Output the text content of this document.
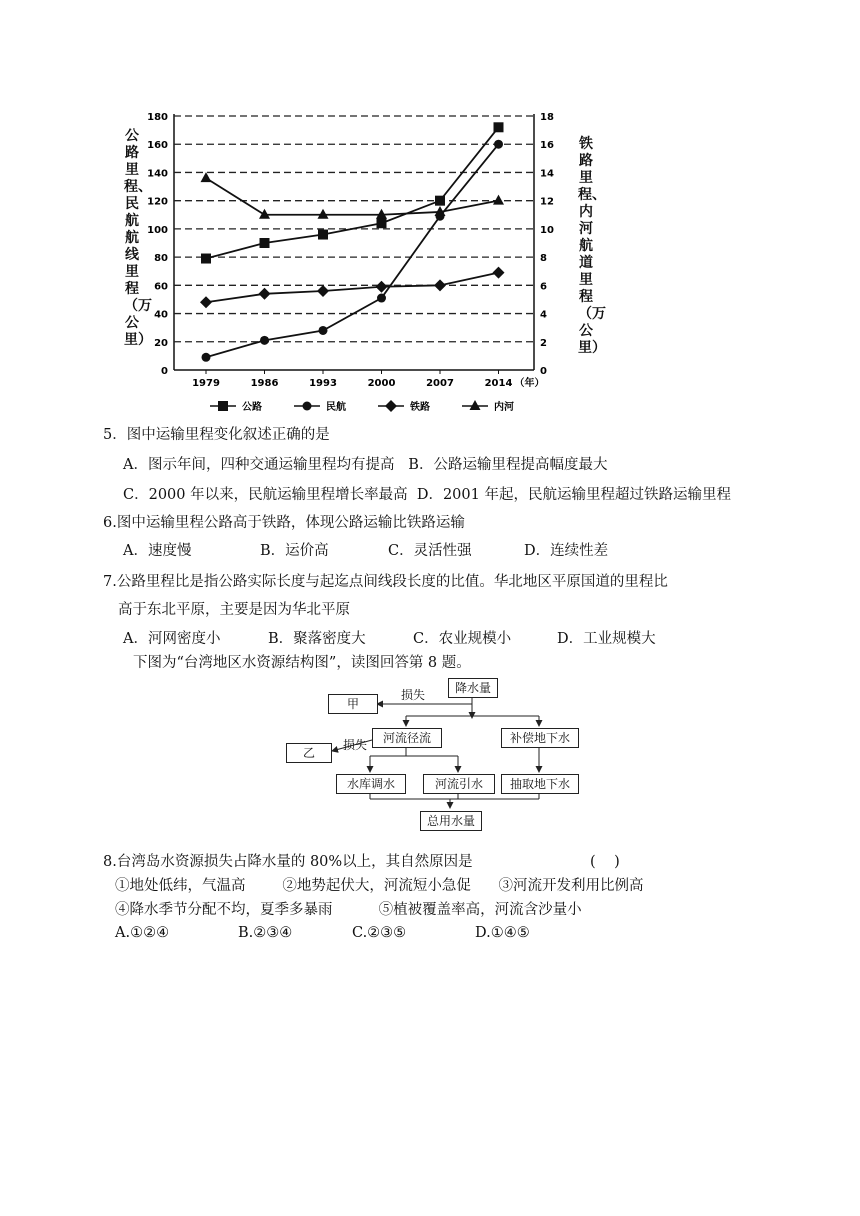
0
20
40
60
80
100
120
140
160
180
0
2
4
6
8
10
12
14
16
18
1979	1986	1993	2000	2007	2014 （年）
公路	民航	铁路	内河
公路里程、民航航线里程（万公里）
铁路里程、内河航道里程（万公里）
5．图中运输里程变化叙述正确的是
A．图示年间，四种交通运输里程均有提高   B．公路运输里程提高幅度最大
C．2000 年以来，民航运输里程增长率最高  D．2001 年起，民航运输里程超过铁路运输里程
6.图中运输里程公路高于铁路，体现公路运输比铁路运输
A．速度慢	B．运价高	C．灵活性强	D．连续性差
7.公路里程比是指公路实际长度与起迄点间线段长度的比值。华北地区平原国道的里程比
高于东北平原，主要是因为华北平原
A．河网密度小	B．聚落密度大	C．农业规模小	D．工业规模大
下图为“台湾地区水资源结构图”，读图回答第 8 题。
降水量
损失
甲
河流径流
损失
乙
补偿地下水
水库调水	河流引水	抽取地下水
总用水量
8.台湾岛水资源损失占降水量的 80%以上，其自然原因是	(    )
①地处低纬，气温高        ②地势起伏大，河流短小急促      ③河流开发利用比例高
④降水季节分配不均，夏季多暴雨          ⑤植被覆盖率高，河流含沙量小
A.①②④	B.②③④	C.②③⑤	D.①④⑤
